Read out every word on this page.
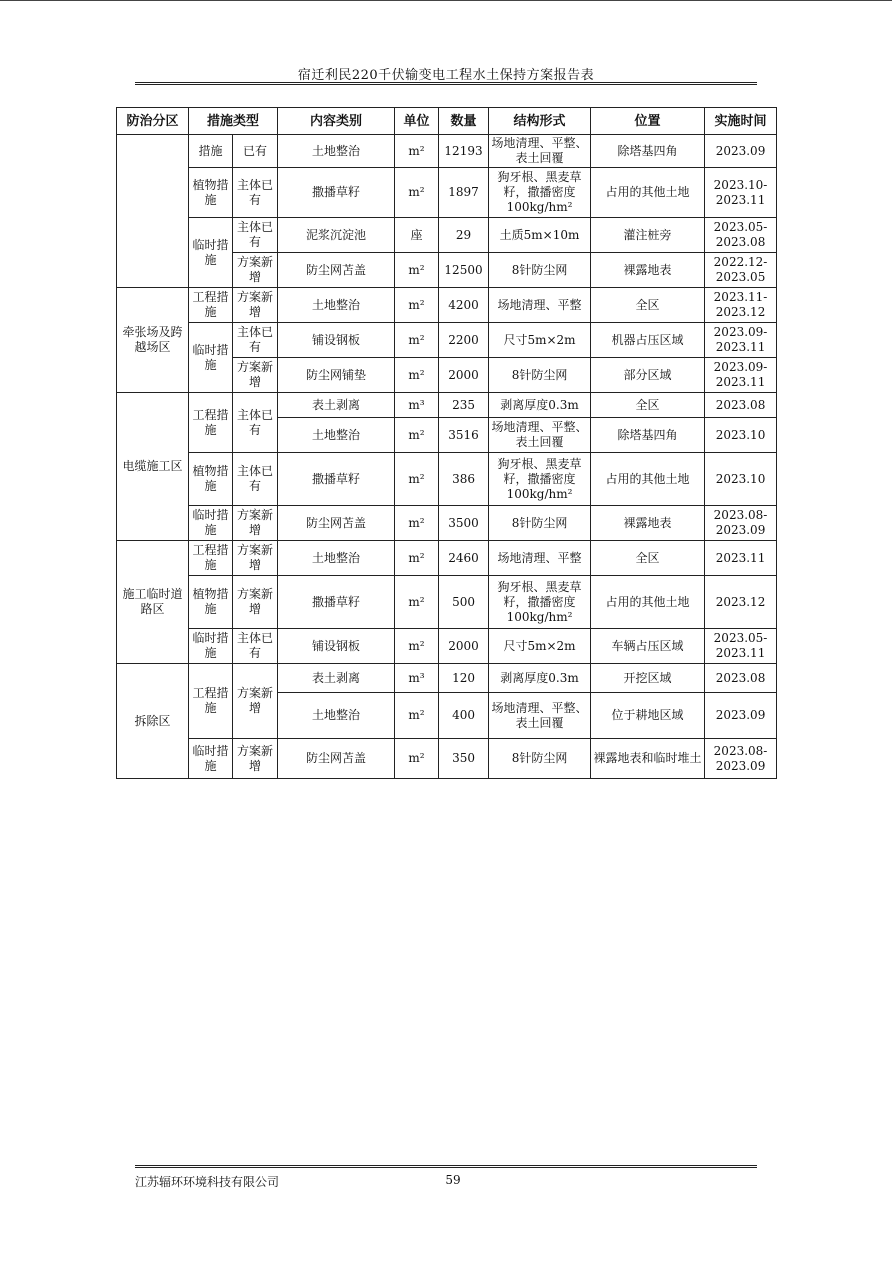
宿迁利民220千伏输变电工程水土保持方案报告表
防治分区	措施类型		内容类别	单位	数量	结构形式	位置	实施时间
	措施	已有	土地整治	m²	12193	场地清理、平整、表土回覆	除塔基四角	2023.09
	植物措施	主体已有	撒播草籽	m²	1897	狗牙根、黑麦草籽，撒播密度100kg/hm²	占用的其他土地	2023.10-2023.11
	临时措施	主体已有	泥浆沉淀池	座	29	土质5m×10m	灌注桩旁	2023.05-2023.08
		方案新增	防尘网苫盖	m²	12500	8针防尘网	裸露地表	2022.12-2023.05
牵张场及跨越场区	工程措施	方案新增	土地整治	m²	4200	场地清理、平整	全区	2023.11-2023.12
	临时措施	主体已有	铺设钢板	m²	2200	尺寸5m×2m	机器占压区域	2023.09-2023.11
		方案新增	防尘网铺垫	m²	2000	8针防尘网	部分区域	2023.09-2023.11
电缆施工区	工程措施	主体已有	表土剥离	m³	235	剥离厚度0.3m	全区	2023.08
			土地整治	m²	3516	场地清理、平整、表土回覆	除塔基四角	2023.10
	植物措施	主体已有	撒播草籽	m²	386	狗牙根、黑麦草籽，撒播密度100kg/hm²	占用的其他土地	2023.10
	临时措施	方案新增	防尘网苫盖	m²	3500	8针防尘网	裸露地表	2023.08-2023.09
施工临时道路区	工程措施	方案新增	土地整治	m²	2460	场地清理、平整	全区	2023.11
	植物措施	方案新增	撒播草籽	m²	500	狗牙根、黑麦草籽，撒播密度100kg/hm²	占用的其他土地	2023.12
	临时措施	主体已有	铺设钢板	m²	2000	尺寸5m×2m	车辆占压区域	2023.05-2023.11
拆除区	工程措施	方案新增	表土剥离	m³	120	剥离厚度0.3m	开挖区域	2023.08
			土地整治	m²	400	场地清理、平整、表土回覆	位于耕地区域	2023.09
	临时措施	方案新增	防尘网苫盖	m²	350	8针防尘网	裸露地表和临时堆土	2023.08-2023.09
江苏辐环环境科技有限公司	59
